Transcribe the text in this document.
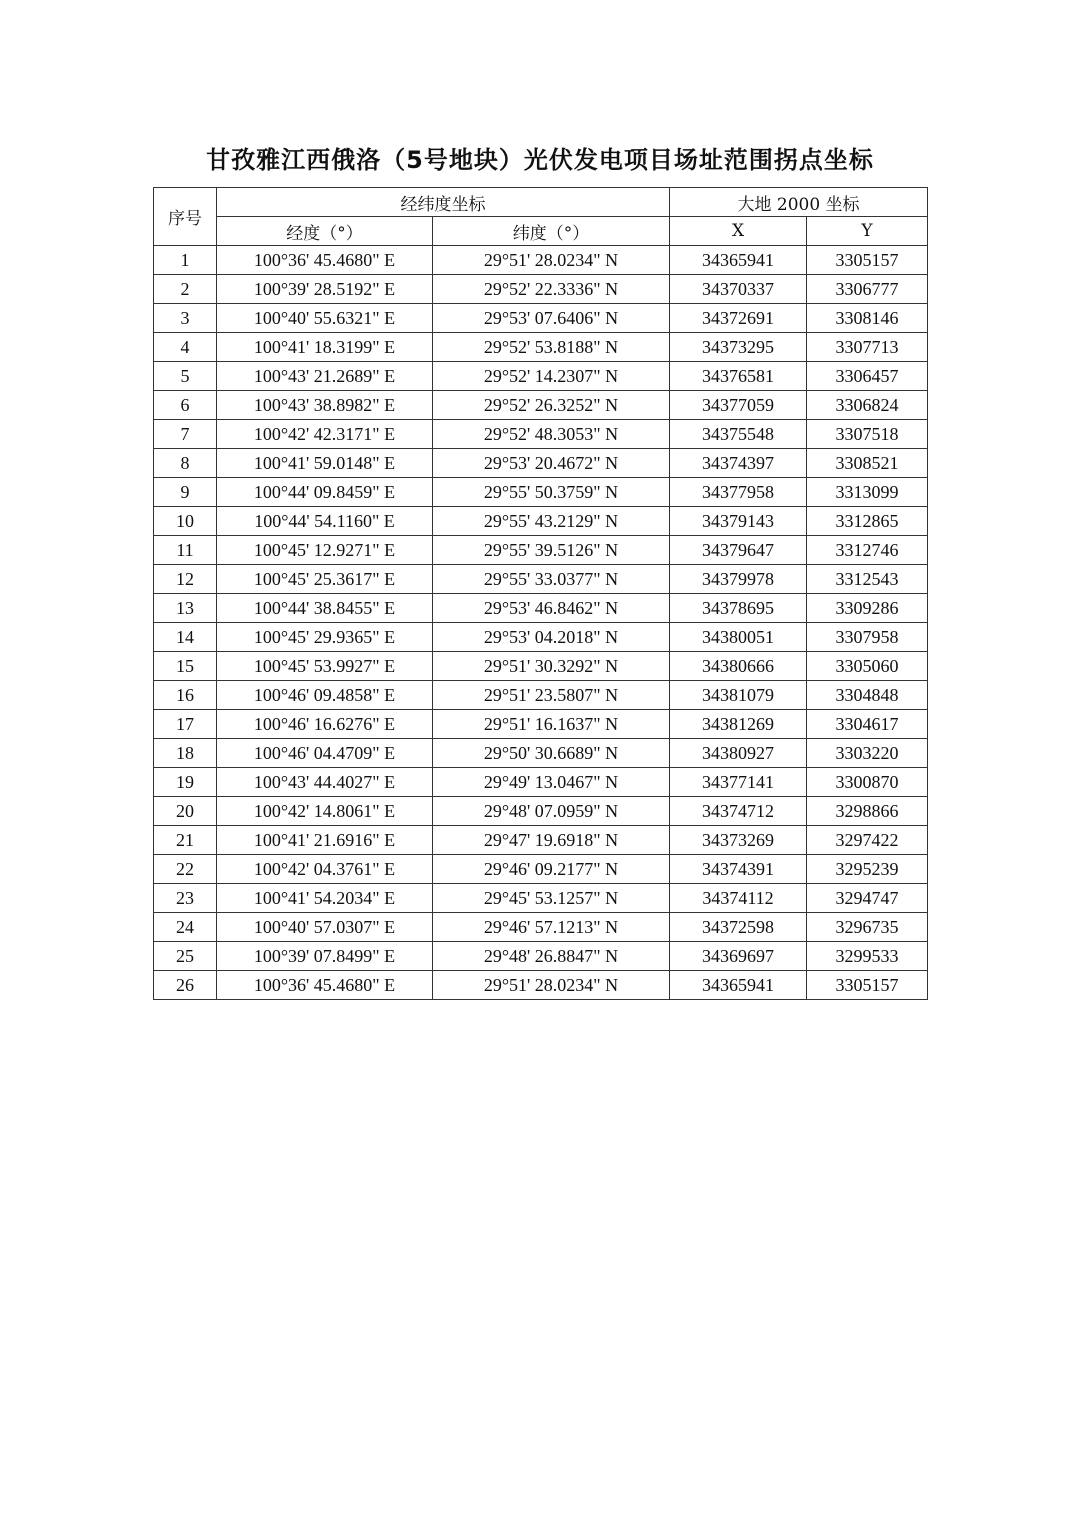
甘孜雅江西俄洛（5号地块）光伏发电项目场址范围拐点坐标
序号	经纬度坐标		大地 2000 坐标	
	经度（°）	纬度（°）	X	Y
1	100°36' 45.4680" E	29°51' 28.0234" N	34365941	3305157
2	100°39' 28.5192" E	29°52' 22.3336" N	34370337	3306777
3	100°40' 55.6321" E	29°53' 07.6406" N	34372691	3308146
4	100°41' 18.3199" E	29°52' 53.8188" N	34373295	3307713
5	100°43' 21.2689" E	29°52' 14.2307" N	34376581	3306457
6	100°43' 38.8982" E	29°52' 26.3252" N	34377059	3306824
7	100°42' 42.3171" E	29°52' 48.3053" N	34375548	3307518
8	100°41' 59.0148" E	29°53' 20.4672" N	34374397	3308521
9	100°44' 09.8459" E	29°55' 50.3759" N	34377958	3313099
10	100°44' 54.1160" E	29°55' 43.2129" N	34379143	3312865
11	100°45' 12.9271" E	29°55' 39.5126" N	34379647	3312746
12	100°45' 25.3617" E	29°55' 33.0377" N	34379978	3312543
13	100°44' 38.8455" E	29°53' 46.8462" N	34378695	3309286
14	100°45' 29.9365" E	29°53' 04.2018" N	34380051	3307958
15	100°45' 53.9927" E	29°51' 30.3292" N	34380666	3305060
16	100°46' 09.4858" E	29°51' 23.5807" N	34381079	3304848
17	100°46' 16.6276" E	29°51' 16.1637" N	34381269	3304617
18	100°46' 04.4709" E	29°50' 30.6689" N	34380927	3303220
19	100°43' 44.4027" E	29°49' 13.0467" N	34377141	3300870
20	100°42' 14.8061" E	29°48' 07.0959" N	34374712	3298866
21	100°41' 21.6916" E	29°47' 19.6918" N	34373269	3297422
22	100°42' 04.3761" E	29°46' 09.2177" N	34374391	3295239
23	100°41' 54.2034" E	29°45' 53.1257" N	34374112	3294747
24	100°40' 57.0307" E	29°46' 57.1213" N	34372598	3296735
25	100°39' 07.8499" E	29°48' 26.8847" N	34369697	3299533
26	100°36' 45.4680" E	29°51' 28.0234" N	34365941	3305157
